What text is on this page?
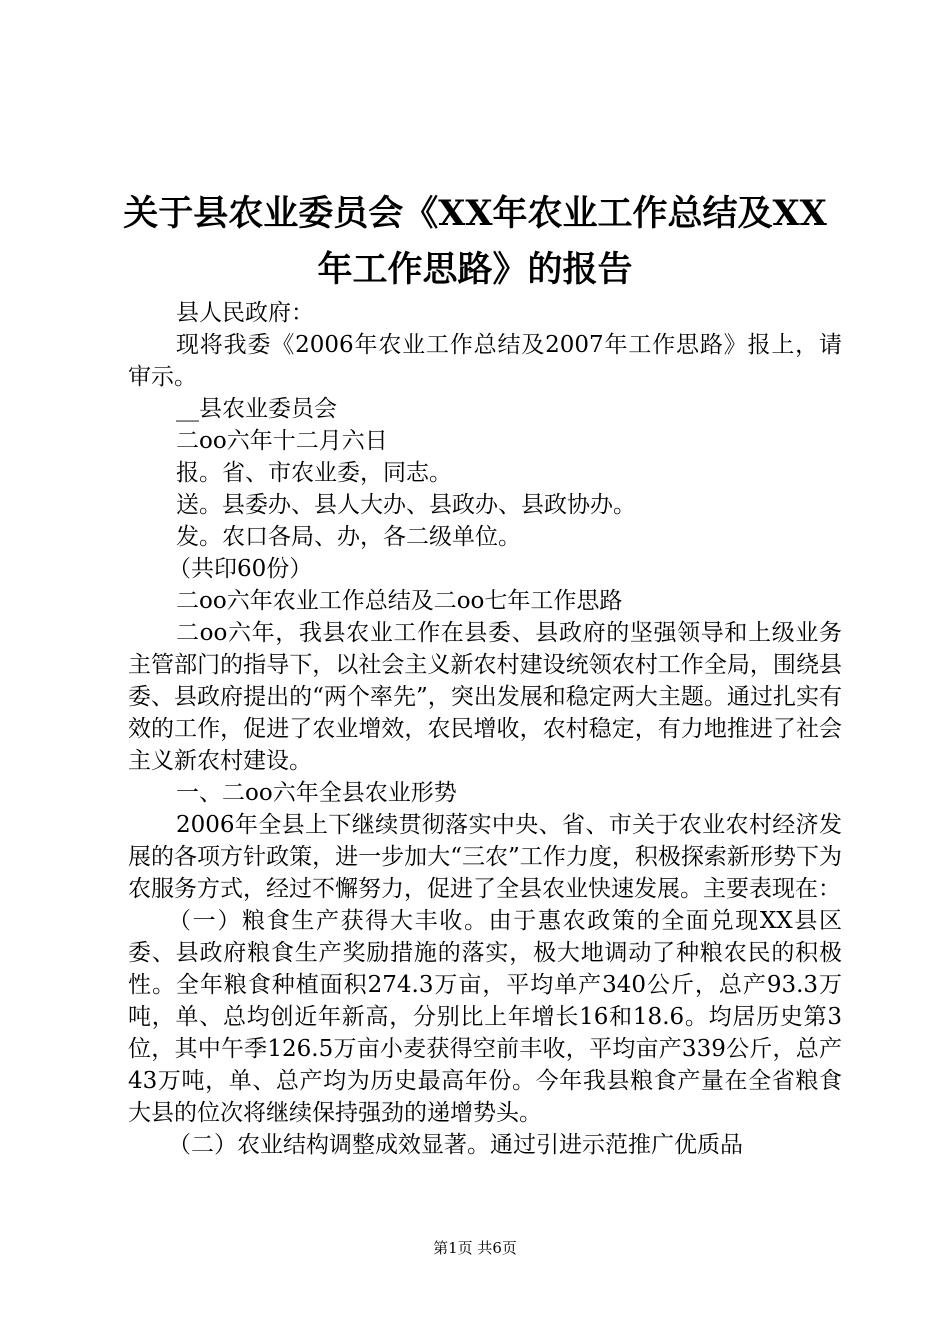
关于县农业委员会《XX年农业工作总结及XX年工作思路》的报告

县人民政府：

现将我委《2006年农业工作总结及2007年工作思路》报上，请审示。

__县农业委员会

二oo六年十二月六日

报。省、市农业委，同志。

送。县委办、县人大办、县政办、县政协办。

发。农口各局、办，各二级单位。

（共印60份）

二oo六年农业工作总结及二oo七年工作思路

二oo六年，我县农业工作在县委、县政府的坚强领导和上级业务主管部门的指导下，以社会主义新农村建设统领农村工作全局，围绕县委、县政府提出的“两个率先”，突出发展和稳定两大主题。通过扎实有效的工作，促进了农业增效，农民增收，农村稳定，有力地推进了社会主义新农村建设。

一、二oo六年全县农业形势

2006年全县上下继续贯彻落实中央、省、市关于农业农村经济发展的各项方针政策，进一步加大“三农”工作力度，积极探索新形势下为农服务方式，经过不懈努力，促进了全县农业快速发展。主要表现在：

（一）粮食生产获得大丰收。由于惠农政策的全面兑现XX县区委、县政府粮食生产奖励措施的落实，极大地调动了种粮农民的积极性。全年粮食种植面积274.3万亩，平均单产340公斤，总产93.3万吨，单、总均创近年新高，分别比上年增长16和18.6。均居历史第3位，其中午季126.5万亩小麦获得空前丰收，平均亩产339公斤，总产43万吨，单、总产均为历史最高年份。今年我县粮食产量在全省粮食大县的位次将继续保持强劲的递增势头。

（二）农业结构调整成效显著。通过引进示范推广优质品

第1页 共6页
